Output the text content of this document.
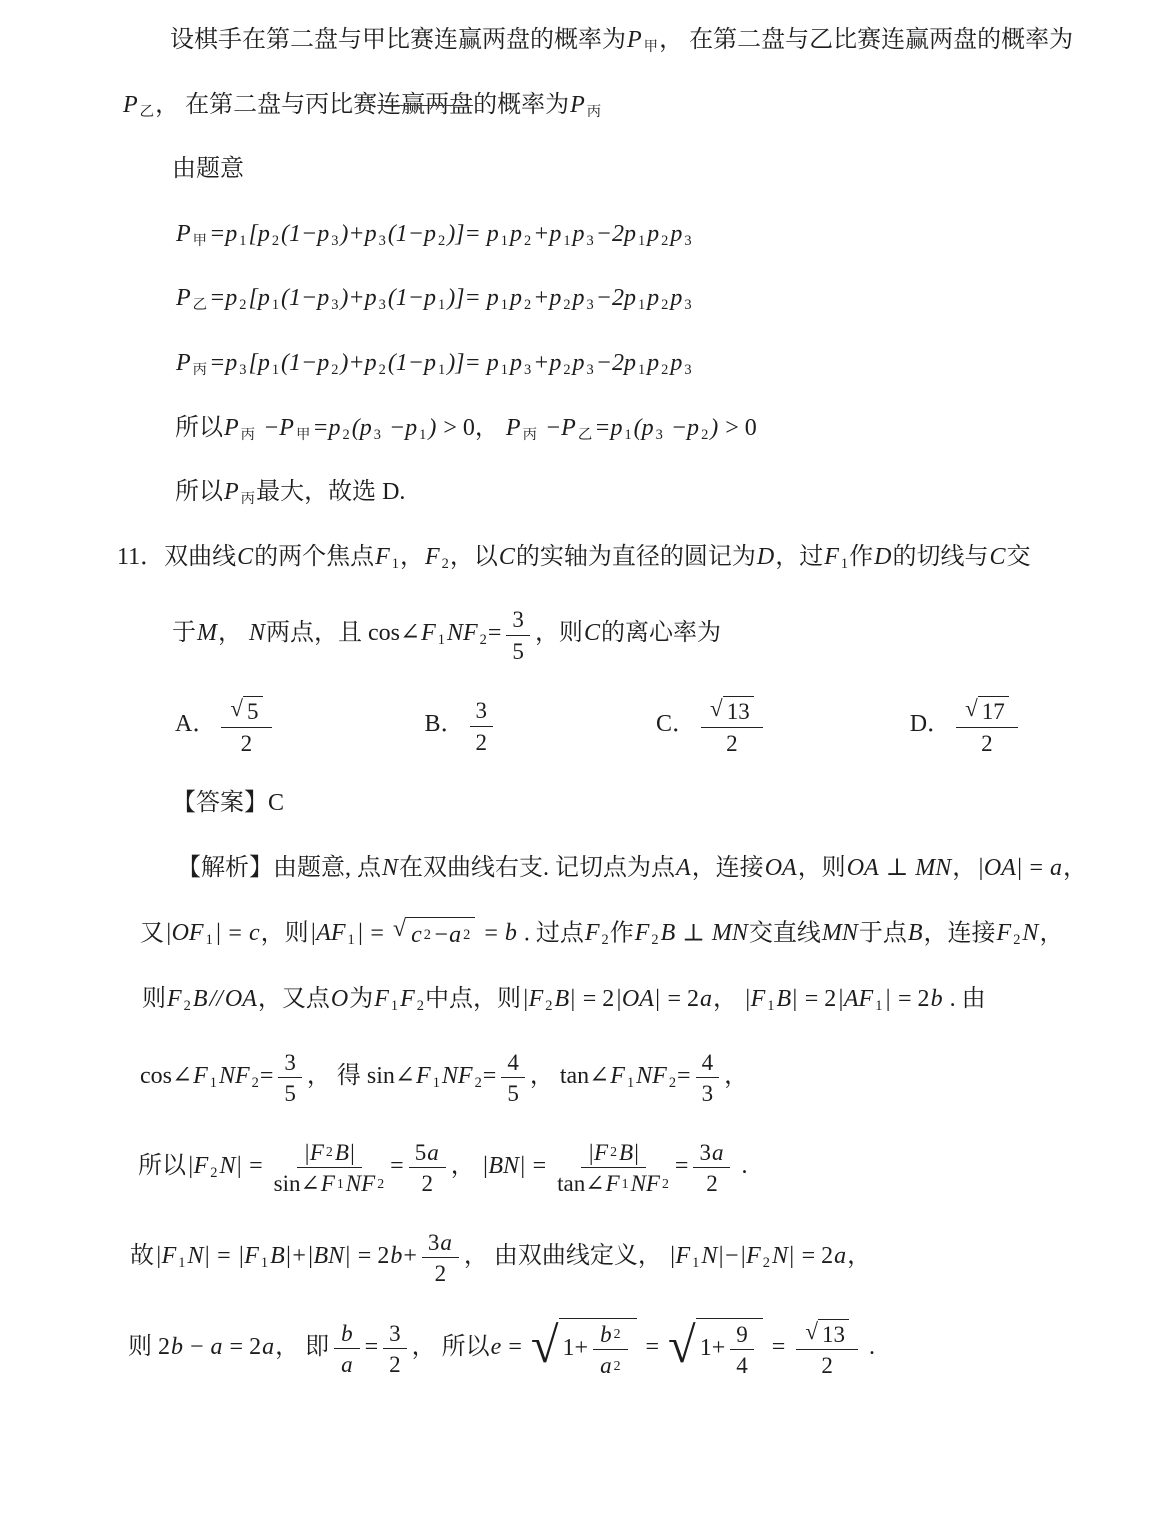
设棋手在第二盘与甲比赛连赢两盘的概率为P 甲， 在第二盘与乙比赛连赢两盘的概率为
P乙， 在第二盘与丙比赛连赢两盘的概率为P 丙
由题意
P甲=p 1[p 2(1−p 3)+p 3(1−p 2)]= p 1p 2+p 1p 3−2p 1p 2p 3
P乙=p 2[p 1(1−p 3)+p 3(1−p 1)]= p 1p 2+p 2p 3−2p 1p 2p 3
P丙=p 3[p 1(1−p 2)+p 2(1−p 1)]= p 1p 3+p 2p 3−2p 1p 2p 3
所以P 丙 −P 甲=p 2(p 3 −p 1) > 0， P 丙 −P 乙=p 1(p 3 −p 2) > 0
所以P 丙最大，故选 D.
11．双曲线C的两个焦点F 1，F 2，以C的实轴为直径的圆记为D，过F 1作D的切线与C交
于M， N两点，且 cos∠F 1NF $2= \frac{3}{5}$ ，则C的离心率为
A． $\frac{√ 5}{2}$	B． $\frac{3}{2}$	C． $\frac{√ 13}{2}$	D． $\frac{√ 17}{2}$
【答案】C
【解析】由题意, 点N在双曲线右支. 记切点为点A，连接OA，则OA ⊥ MN，|OA| = a，
又|OF 1| = c，则|AF 1| = √ c 2 −a 2 = b . 过点F 2作F 2B ⊥ MN交直线MN于点B，连接F 2N，
则F 2B//OA，又点O为F 1F 2中点，则|F 2B| = 2|OA| = 2a， |F 1B| = 2|AF 1| = 2b . 由
cos∠F 1NF $2= \frac{3}{5}$ ， 得 sin∠F 1NF $2= \frac{4}{5}$ ， tan∠F 1NF $2= \frac{4}{3}$ ，
所以|F $2N| = \frac{|F 2 B|}{\sin\angle F 1 NF 2} = \frac{5 a}{2}$ ， $|BN| = \frac{|F 2 B|}{\tan\angle F 1 NF 2} = \frac{3 a}{2}$ .
故|F 1N| = |F $1B|+|BN| = 2b+ \frac{3 a}{2}$ ， 由双曲线定义， |F 1N|−|F 2N| = 2a，
则 2b − a = 2a， 即 $\frac{b}{a} = \frac{3}{2}$ ， 所以e = √ $1+ \frac{b 2}{a 2}$ = √ $1+ \frac{9}{4} = \frac{√ 13}{2}$ .
